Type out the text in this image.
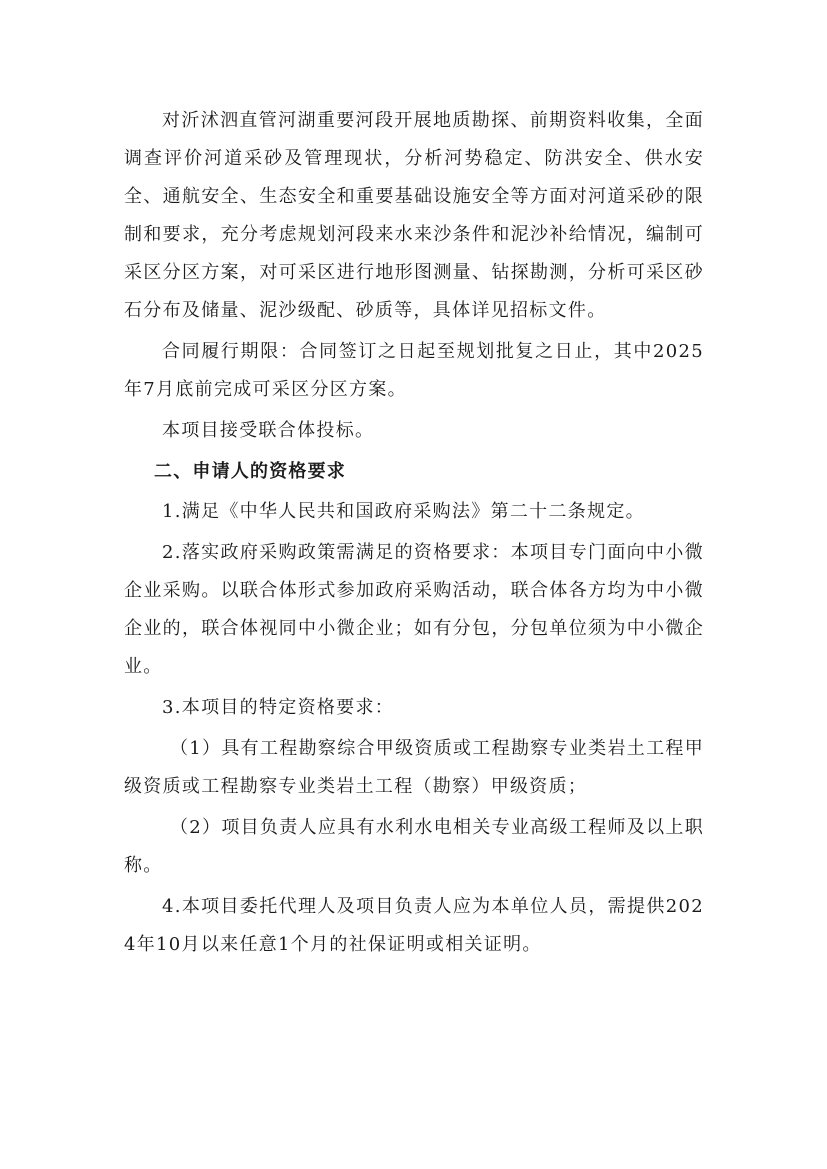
对沂沭泗直管河湖重要河段开展地质勘探、前期资料收集，全面调查评价河道采砂及管理现状，分析河势稳定、防洪安全、供水安全、通航安全、生态安全和重要基础设施安全等方面对河道采砂的限制和要求，充分考虑规划河段来水来沙条件和泥沙补给情况，编制可采区分区方案，对可采区进行地形图测量、钻探勘测，分析可采区砂石分布及储量、泥沙级配、砂质等，具体详见招标文件。

合同履行期限：合同签订之日起至规划批复之日止，其中2025年7月底前完成可采区分区方案。

本项目接受联合体投标。

二、申请人的资格要求

1.满足《中华人民共和国政府采购法》第二十二条规定。

2.落实政府采购政策需满足的资格要求：本项目专门面向中小微企业采购。以联合体形式参加政府采购活动，联合体各方均为中小微企业的，联合体视同中小微企业；如有分包，分包单位须为中小微企业。

3.本项目的特定资格要求：

（1）具有工程勘察综合甲级资质或工程勘察专业类岩土工程甲级资质或工程勘察专业类岩土工程（勘察）甲级资质；

（2）项目负责人应具有水利水电相关专业高级工程师及以上职称。

4.本项目委托代理人及项目负责人应为本单位人员，需提供2024年10月以来任意1个月的社保证明或相关证明。
